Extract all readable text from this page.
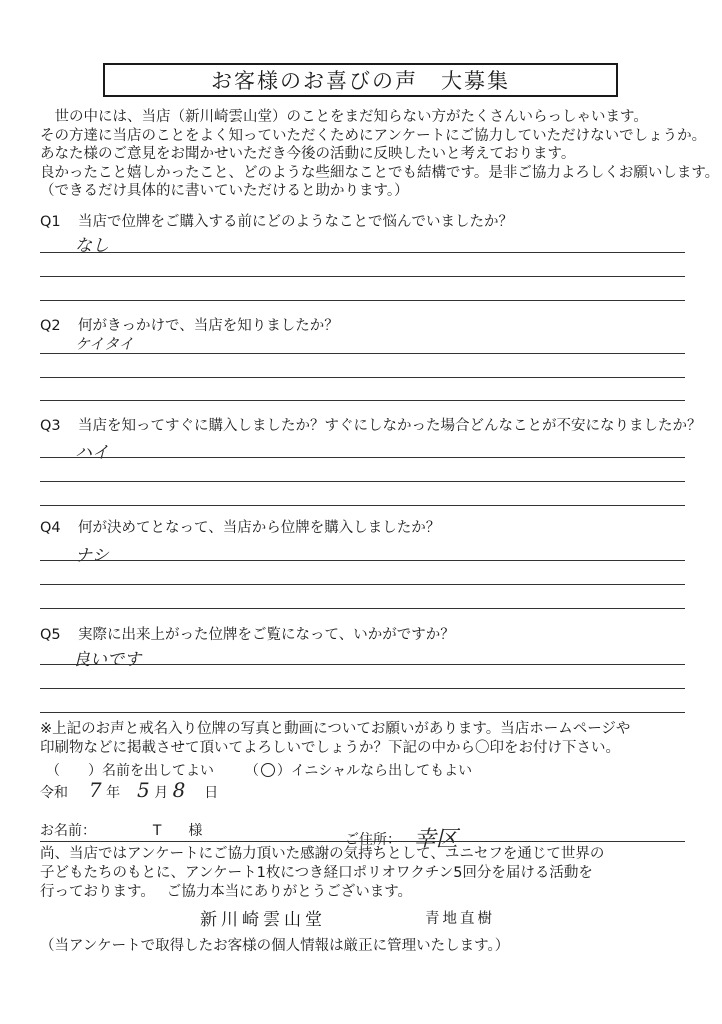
お客様のお喜びの声　大募集
　世の中には、当店（新川崎雲山堂）のことをまだ知らない方がたくさんいらっしゃいます。
その方達に当店のことをよく知っていただくためにアンケートにご協力していただけないでしょうか。
あなた様のご意見をお聞かせいただき今後の活動に反映したいと考えております。
良かったこと嬉しかったこと、どのような些細なことでも結構です。是非ご協力よろしくお願いします。
（できるだけ具体的に書いていただけると助かります。）
Q1 当店で位牌をご購入する前にどのようなことで悩んでいましたか？
なし
Q2 何がきっかけで、当店を知りましたか？
ケイタイ
Q3 当店を知ってすぐに購入しましたか？すぐにしなかった場合どんなことが不安になりましたか？
ハイ
Q4 何が決めてとなって、当店から位牌を購入しましたか？
ナシ
Q5 実際に出来上がった位牌をご覧になって、いかがですか？
良いです
※上記のお声と戒名入り位牌の写真と動画についてお願いがあります。当店ホームページや
印刷物などに掲載させて頂いてよろしいでしょうか？下記の中から〇印をお付け下さい。
（　　）名前を出してよい （ ○ ）イニシャルなら出してもよい
令和 7 年 5 月 8 日
お名前：	T 様
ご住所： 幸区
尚、当店ではアンケートにご協力頂いた感謝の気持ちとして、ユニセフを通じて世界の
子どもたちのもとに、アンケート1枚につき経口ポリオワクチン5回分を届ける活動を
行っております。　 ご協力本当にありがとうございます。
新川崎雲山堂	青地直樹
（当アンケートで取得したお客様の個人情報は厳正に管理いたします。）
